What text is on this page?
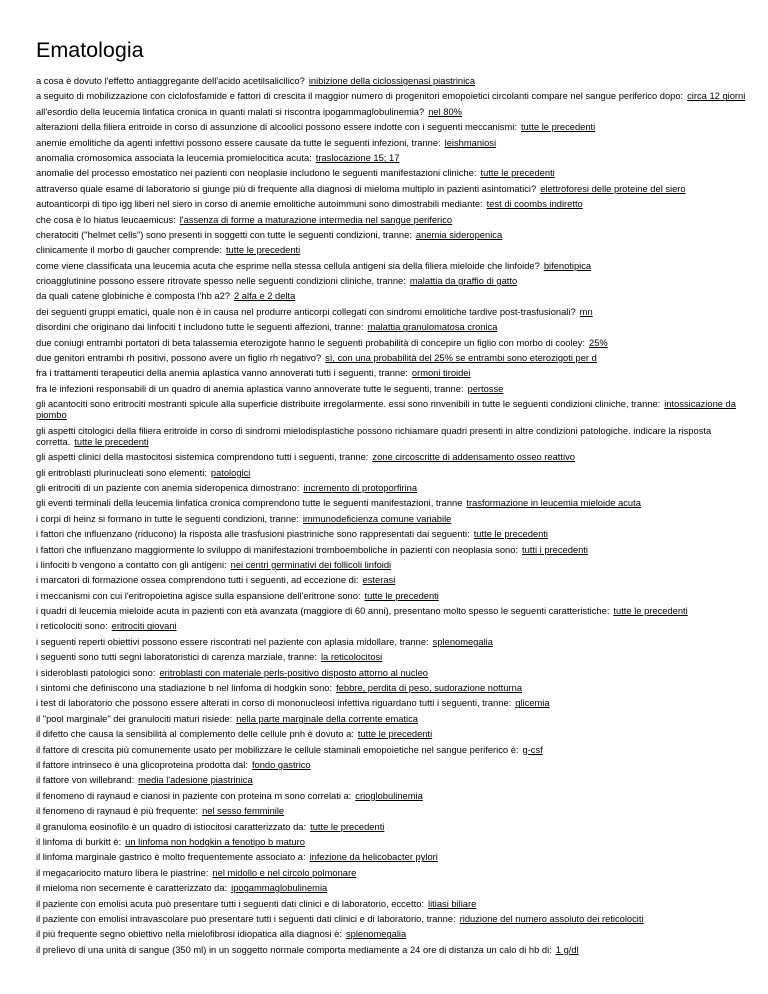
Ematologia
a cosa è dovuto l'effetto antiaggregante dell'acido acetilsalicilico? inibizione della ciclossigenasi piastrinica
a seguito di mobilizzazione con ciclofosfamide e fattori di crescita il maggior numero di progenitori emopoietici circolanti compare nel sangue periferico dopo: circa 12 giorni
all'esordio della leucemia linfatica cronica in quanti malati si riscontra ipogammaglobulinemia? nel 80%
alterazioni della filiera eritroide in corso di assunzione di alcoolici possono essere indotte con i seguenti meccanismi: tutte le precedenti
anemie emolitiche da agenti infettivi possono essere causate da tutte le seguenti infezioni, tranne: leishmaniosi
anomalia cromosomica associata la leucemia promielocitica acuta: traslocazione 15; 17
anomalie del processo emostatico nei pazienti con neoplasie includono le seguenti manifestazioni cliniche: tutte le precedenti
attraverso quale esame di laboratorio si giunge più di frequente alla diagnosi di mieloma multiplo in pazienti asintomatici? elettroforesi delle proteine del siero
autoanticorpi di tipo igg liberi nel siero in corso di anemie emolitiche autoimmuni sono dimostrabili mediante: test di coombs indiretto
che cosa è lo hiatus leucaemicus: l'assenza di forme a maturazione intermedia nel sangue periferico
cheratociti ("helmet cells") sono presenti in soggetti con tutte le seguenti condizioni, tranne: anemia sideropenica
clinicamente il morbo di gaucher comprende: tutte le precedenti
come viene classificata una leucemia acuta che esprime nella stessa cellula antigeni sia della filiera mieloide che linfoide? bifenotipica
crioagglutinine possono essere ritrovate spesso nelle seguenti condizioni cliniche, tranne: malattia da graffio di gatto
da quali catene globiniche è composta l'hb a2? 2 alfa e 2 delta
dei seguenti gruppi ematici, quale non è in causa nel produrre anticorpi collegati con sindromi emolitiche tardive post-trasfusionali? mn
disordini che originano dai linfociti t includono tutte le seguenti affezioni, tranne: malattia granulomatosa cronica
due coniugi entrambi portatori di beta talassemia eterozigote hanno le seguenti probabilità di concepire un figlio con morbo di cooley: 25%
due genitori entrambi rh positivi, possono avere un figlio rh negativo? sì, con una probabilità del 25% se entrambi sono eterozigoti per d
fra i trattamenti terapeutici della anemia aplastica vanno annoverati tutti i seguenti, tranne: ormoni tiroidei
fra le infezioni responsabili di un quadro di anemia aplastica vanno annoverate tutte le seguenti, tranne: pertosse
gli acantociti sono eritrociti mostranti spicule alla superficie distribuite irregolarmente. essi sono rinvenibili in tutte le seguenti condizioni cliniche, tranne: intossicazione da piombo
gli aspetti citologici della filiera eritroide in corso di sindromi mielodisplastiche possono richiamare quadri presenti in altre condizioni patologiche. indicare la risposta corretta. tutte le precedenti
gli aspetti clinici della mastocitosi sistemica comprendono tutti i seguenti, tranne: zone circoscritte di addensamento osseo reattivo
gli eritroblasti plurinucleati sono elementi: patologici
gli eritrociti di un paziente con anemia sideropenica dimostrano: incremento di protoporfirina
gli eventi terminali della leucemia linfatica cronica comprendono tutte le seguenti manifestazioni, tranne trasformazione in leucemia mieloide acuta
i corpi di heinz si formano in tutte le seguenti condizioni, tranne: immunodeficienza comune variabile
i fattori che influenzano (riducono) la risposta alle trasfusioni piastriniche sono rappresentati dai seguenti: tutte le precedenti
i fattori che influenzano maggiormente lo sviluppo di manifestazioni tromboemboliche in pazienti con neoplasia sono: tutti i precedenti
i linfociti b vengono a contatto con gli antigeni: nei centri germinativi dei follicoli linfoidi
i marcatori di formazione ossea comprendono tutti i seguenti, ad eccezione di: esterasi
i meccanismi con cui l'eritropoietina agisce sulla espansione dell'eritrone sono: tutte le precedenti
i quadri di leucemia mieloide acuta in pazienti con età avanzata (maggiore di 60 anni), presentano molto spesso le seguenti caratteristiche: tutte le precedenti
i reticolociti sono: eritrociti giovani
i seguenti reperti obiettivi possono essere riscontrati nel paziente con aplasia midollare, tranne: splenomegalia
i seguenti sono tutti segni laboratoristici di carenza marziale, tranne: la reticolocitosi
i sideroblasti patologici sono: eritroblasti con materiale perls-positivo disposto attorno al nucleo
i sintomi che definiscono una stadiazione b nel linfoma di hodgkin sono: febbre, perdita di peso, sudorazione notturna
i test di laboratorio che possono essere alterati in corso di mononucleosi infettiva riguardano tutti i seguenti, tranne: glicemia
il "pool marginale" dei granulociti maturi risiede: nella parte marginale della corrente ematica
il difetto che causa la sensibilità al complemento delle cellule pnh è dovuto a: tutte le precedenti
il fattore di crescita più comunemente usato per mobilizzare le cellule staminali emopoietiche nel sangue periferico è: g-csf
il fattore intrinseco è una glicoproteina prodotta dal: fondo gastrico
il fattore von willebrand: media l'adesione piastrinica
il fenomeno di raynaud e cianosi in paziente con proteina m sono correlati a: crioglobulinemia
il fenomeno di raynaud è più frequente: nel sesso femminile
il granuloma eosinofilo è un quadro di istiocitosi caratterizzato da: tutte le precedenti
il linfoma di burkitt è: un linfoma non hodgkin a fenotipo b maturo
il linfoma marginale gastrico è molto frequentemente associato a: infezione da helicobacter pylori
il megacariocito maturo libera le piastrine: nel midollo e nel circolo polmonare
il mieloma non secernente è caratterizzato da: ipogammaglobulinemia
il paziente con emolisi acuta può presentare tutti i seguenti dati clinici e di laboratorio, eccetto: litiasi biliare
il paziente con emolisi intravascolare può presentare tutti i seguenti dati clinici e di laboratorio, tranne: riduzione del numero assoluto dei reticolociti
il più frequente segno obiettivo nella mielofibrosi idiopatica alla diagnosi è: splenomegalia
il prelievo di una unità di sangue (350 ml) in un soggetto normale comporta mediamente a 24 ore di distanza un calo di hb di: 1 g/dl
